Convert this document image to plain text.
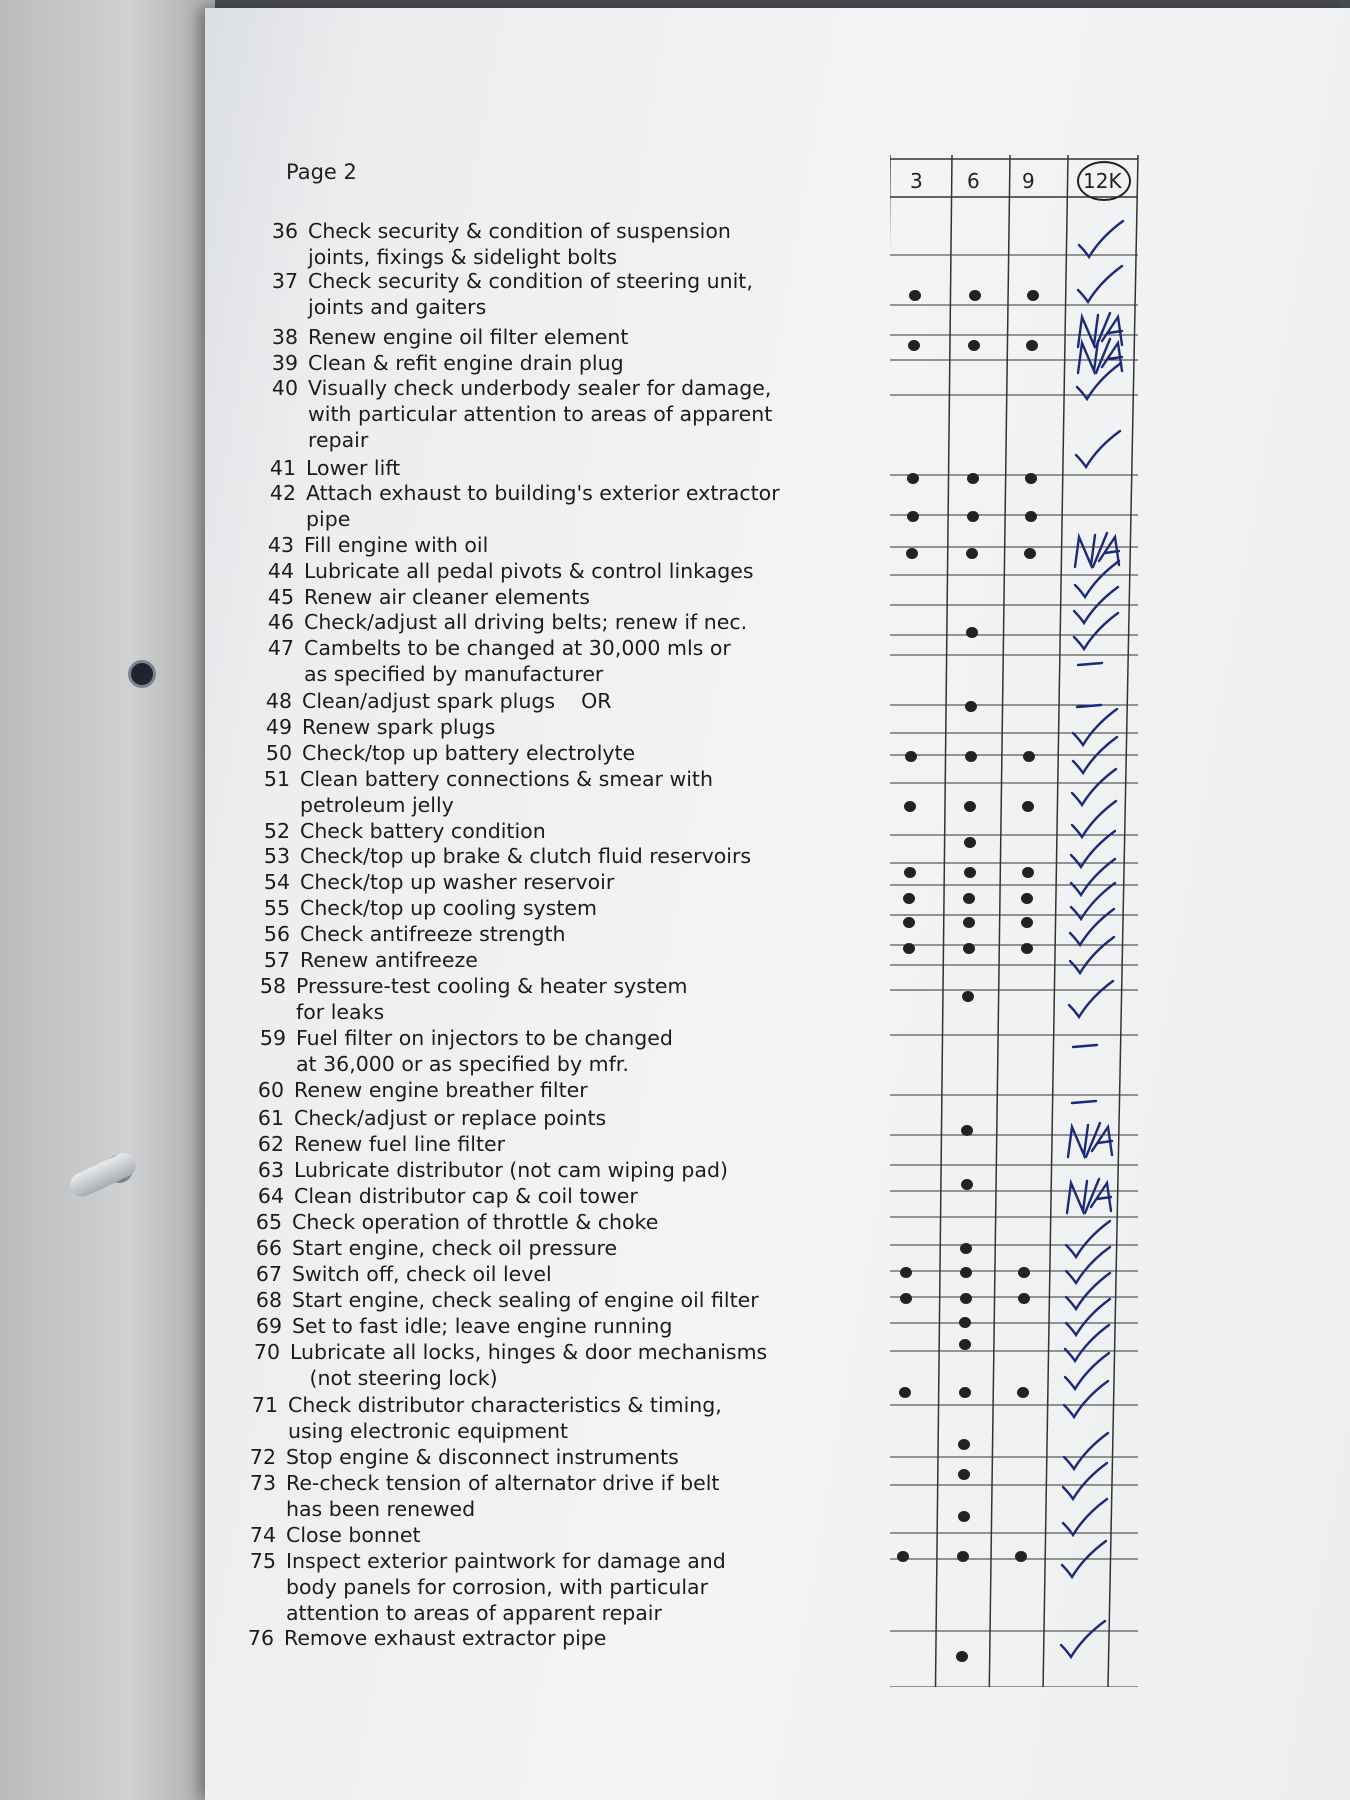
Page 2
36 Check security & condition of suspension
joints, fixings & sidelight bolts
37 Check security & condition of steering unit,
joints and gaiters
38 Renew engine oil filter element
39 Clean & refit engine drain plug
40 Visually check underbody sealer for damage,
with particular attention to areas of apparent
repair
41 Lower lift
42 Attach exhaust to building's exterior extractor
pipe
43 Fill engine with oil
44 Lubricate all pedal pivots & control linkages
45 Renew air cleaner elements
46 Check/adjust all driving belts; renew if nec.
47 Cambelts to be changed at 30,000 mls or
as specified by manufacturer
48 Clean/adjust spark plugs    OR
49 Renew spark plugs
50 Check/top up battery electrolyte
51 Clean battery connections & smear with
petroleum jelly
52 Check battery condition
53 Check/top up brake & clutch fluid reservoirs
54 Check/top up washer reservoir
55 Check/top up cooling system
56 Check antifreeze strength
57 Renew antifreeze
58 Pressure-test cooling & heater system
for leaks
59 Fuel filter on injectors to be changed
at 36,000 or as specified by mfr.
60 Renew engine breather filter
61 Check/adjust or replace points
62 Renew fuel line filter
63 Lubricate distributor (not cam wiping pad)
64 Clean distributor cap & coil tower
65 Check operation of throttle & choke
66 Start engine, check oil pressure
67 Switch off, check oil level
68 Start engine, check sealing of engine oil filter
69 Set to fast idle; leave engine running
70 Lubricate all locks, hinges & door mechanisms
(not steering lock)
71 Check distributor characteristics & timing,
using electronic equipment
72 Stop engine & disconnect instruments
73 Re-check tension of alternator drive if belt
has been renewed
74 Close bonnet
75 Inspect exterior paintwork for damage and
body panels for corrosion, with particular
attention to areas of apparent repair
76 Remove exhaust extractor pipe
3 6 9 12K
